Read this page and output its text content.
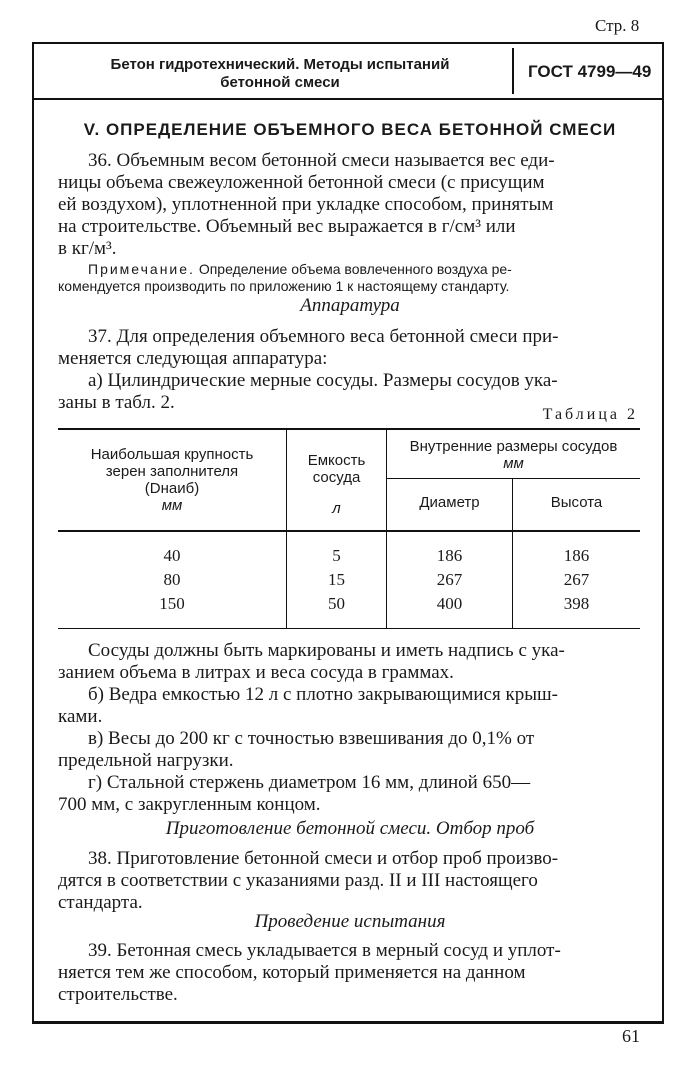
Стр. 8
Бетон гидротехнический. Методы испытаний
бетонной смеси
ГОСТ 4799—49
V. ОПРЕДЕЛЕНИЕ ОБЪЕМНОГО ВЕСА БЕТОННОЙ СМЕСИ
36. Объемным весом бетонной смеси называется вес еди-
ницы объема свежеуложенной бетонной смеси (с присущим
ей воздухом), уплотненной при укладке способом, принятым
на строительстве. Объемный вес выражается в г/см³ или
в кг/м³.
Примечание. Определение объема вовлеченного воздуха ре-
комендуется производить по приложению 1 к настоящему стандарту.
Аппаратура
37. Для определения объемного веса бетонной смеси при-
меняется следующая аппаратура:
а) Цилиндрические мерные сосуды. Размеры сосудов ука-
заны в табл. 2.
Таблица 2
Наибольшая крупность
зерен заполнителя
(Dнаиб)
мм
Емкость
сосуда
л
Внутренние размеры сосудов
мм
Диаметр	Высота
40	5	186	186
80	15	267	267
150	50	400	398
Сосуды должны быть маркированы и иметь надпись с ука-
занием объема в литрах и веса сосуда в граммах.
б) Ведра емкостью 12 л с плотно закрывающимися крыш-
ками.
в) Весы до 200 кг с точностью взвешивания до 0,1% от
предельной нагрузки.
г) Стальной стержень диаметром 16 мм, длиной 650—
700 мм, с закругленным концом.
Приготовление бетонной смеси. Отбор проб
38. Приготовление бетонной смеси и отбор проб произво-
дятся в соответствии с указаниями разд. II и III настоящего
стандарта.
Проведение испытания
39. Бетонная смесь укладывается в мерный сосуд и уплот-
няется тем же способом, который применяется на данном
строительстве.
61
